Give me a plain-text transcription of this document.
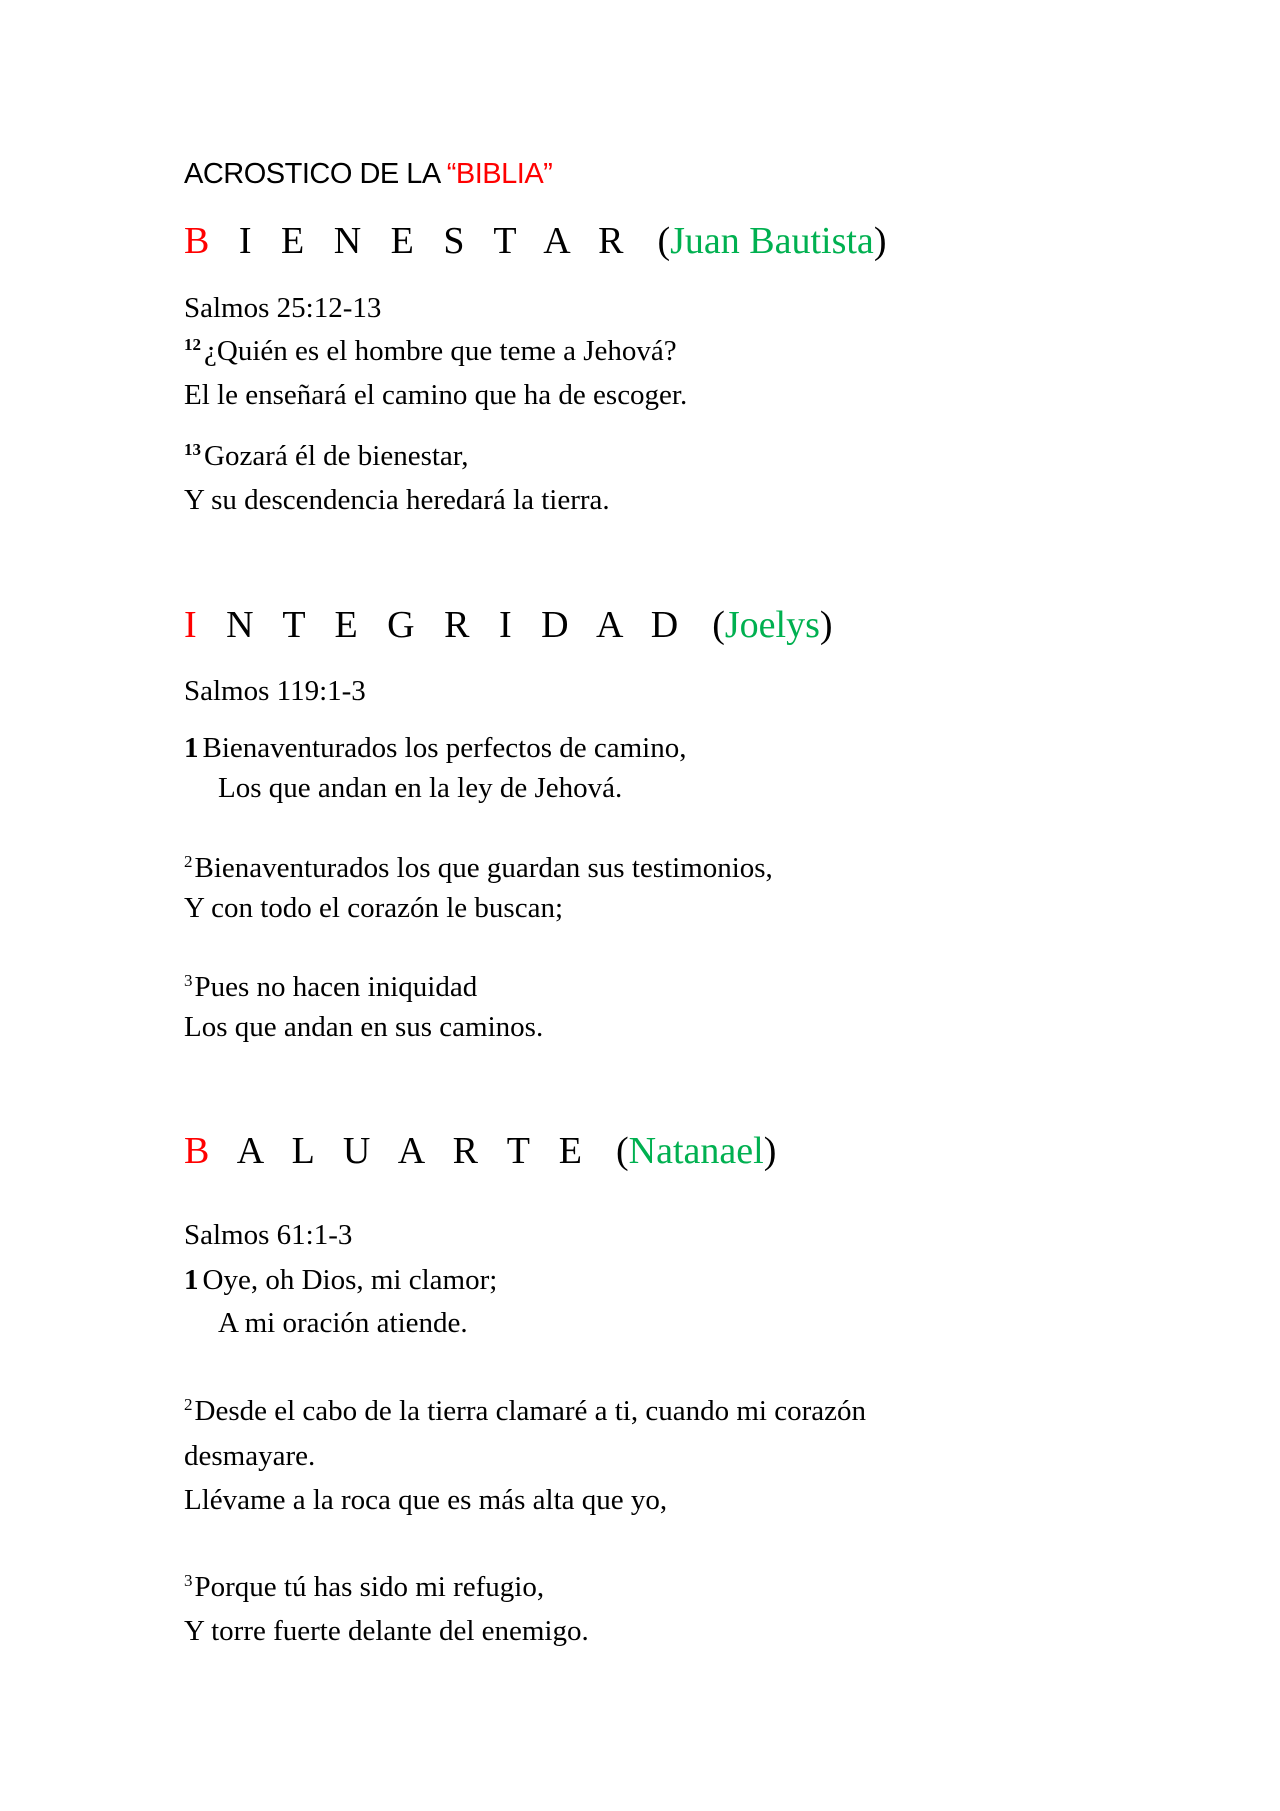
ACROSTICO DE LA “BIBLIA”
B I E N E S T A R (Juan Bautista)
Salmos 25:12-13
$^{12}$ ¿Quién es el hombre que teme a Jehová?
El le enseñará el camino que ha de escoger.
$^{13}$ Gozará él de bienestar,
Y su descendencia heredará la tierra.
I N T E G R I D A D (Joelys)
Salmos 119:1-3
1 Bienaventurados los perfectos de camino,
Los que andan en la ley de Jehová.
$^2$Bienaventurados los que guardan sus testimonios,
Y con todo el corazón le buscan;
$^3$Pues no hacen iniquidad
Los que andan en sus caminos.
B A L U A R T E (Natanael)
Salmos 61:1-3
1 Oye, oh Dios, mi clamor;
A mi oración atiende.
$^2$Desde el cabo de la tierra clamaré a ti, cuando mi corazón
desmayare.
Llévame a la roca que es más alta que yo,
$^3$Porque tú has sido mi refugio,
Y torre fuerte delante del enemigo.
